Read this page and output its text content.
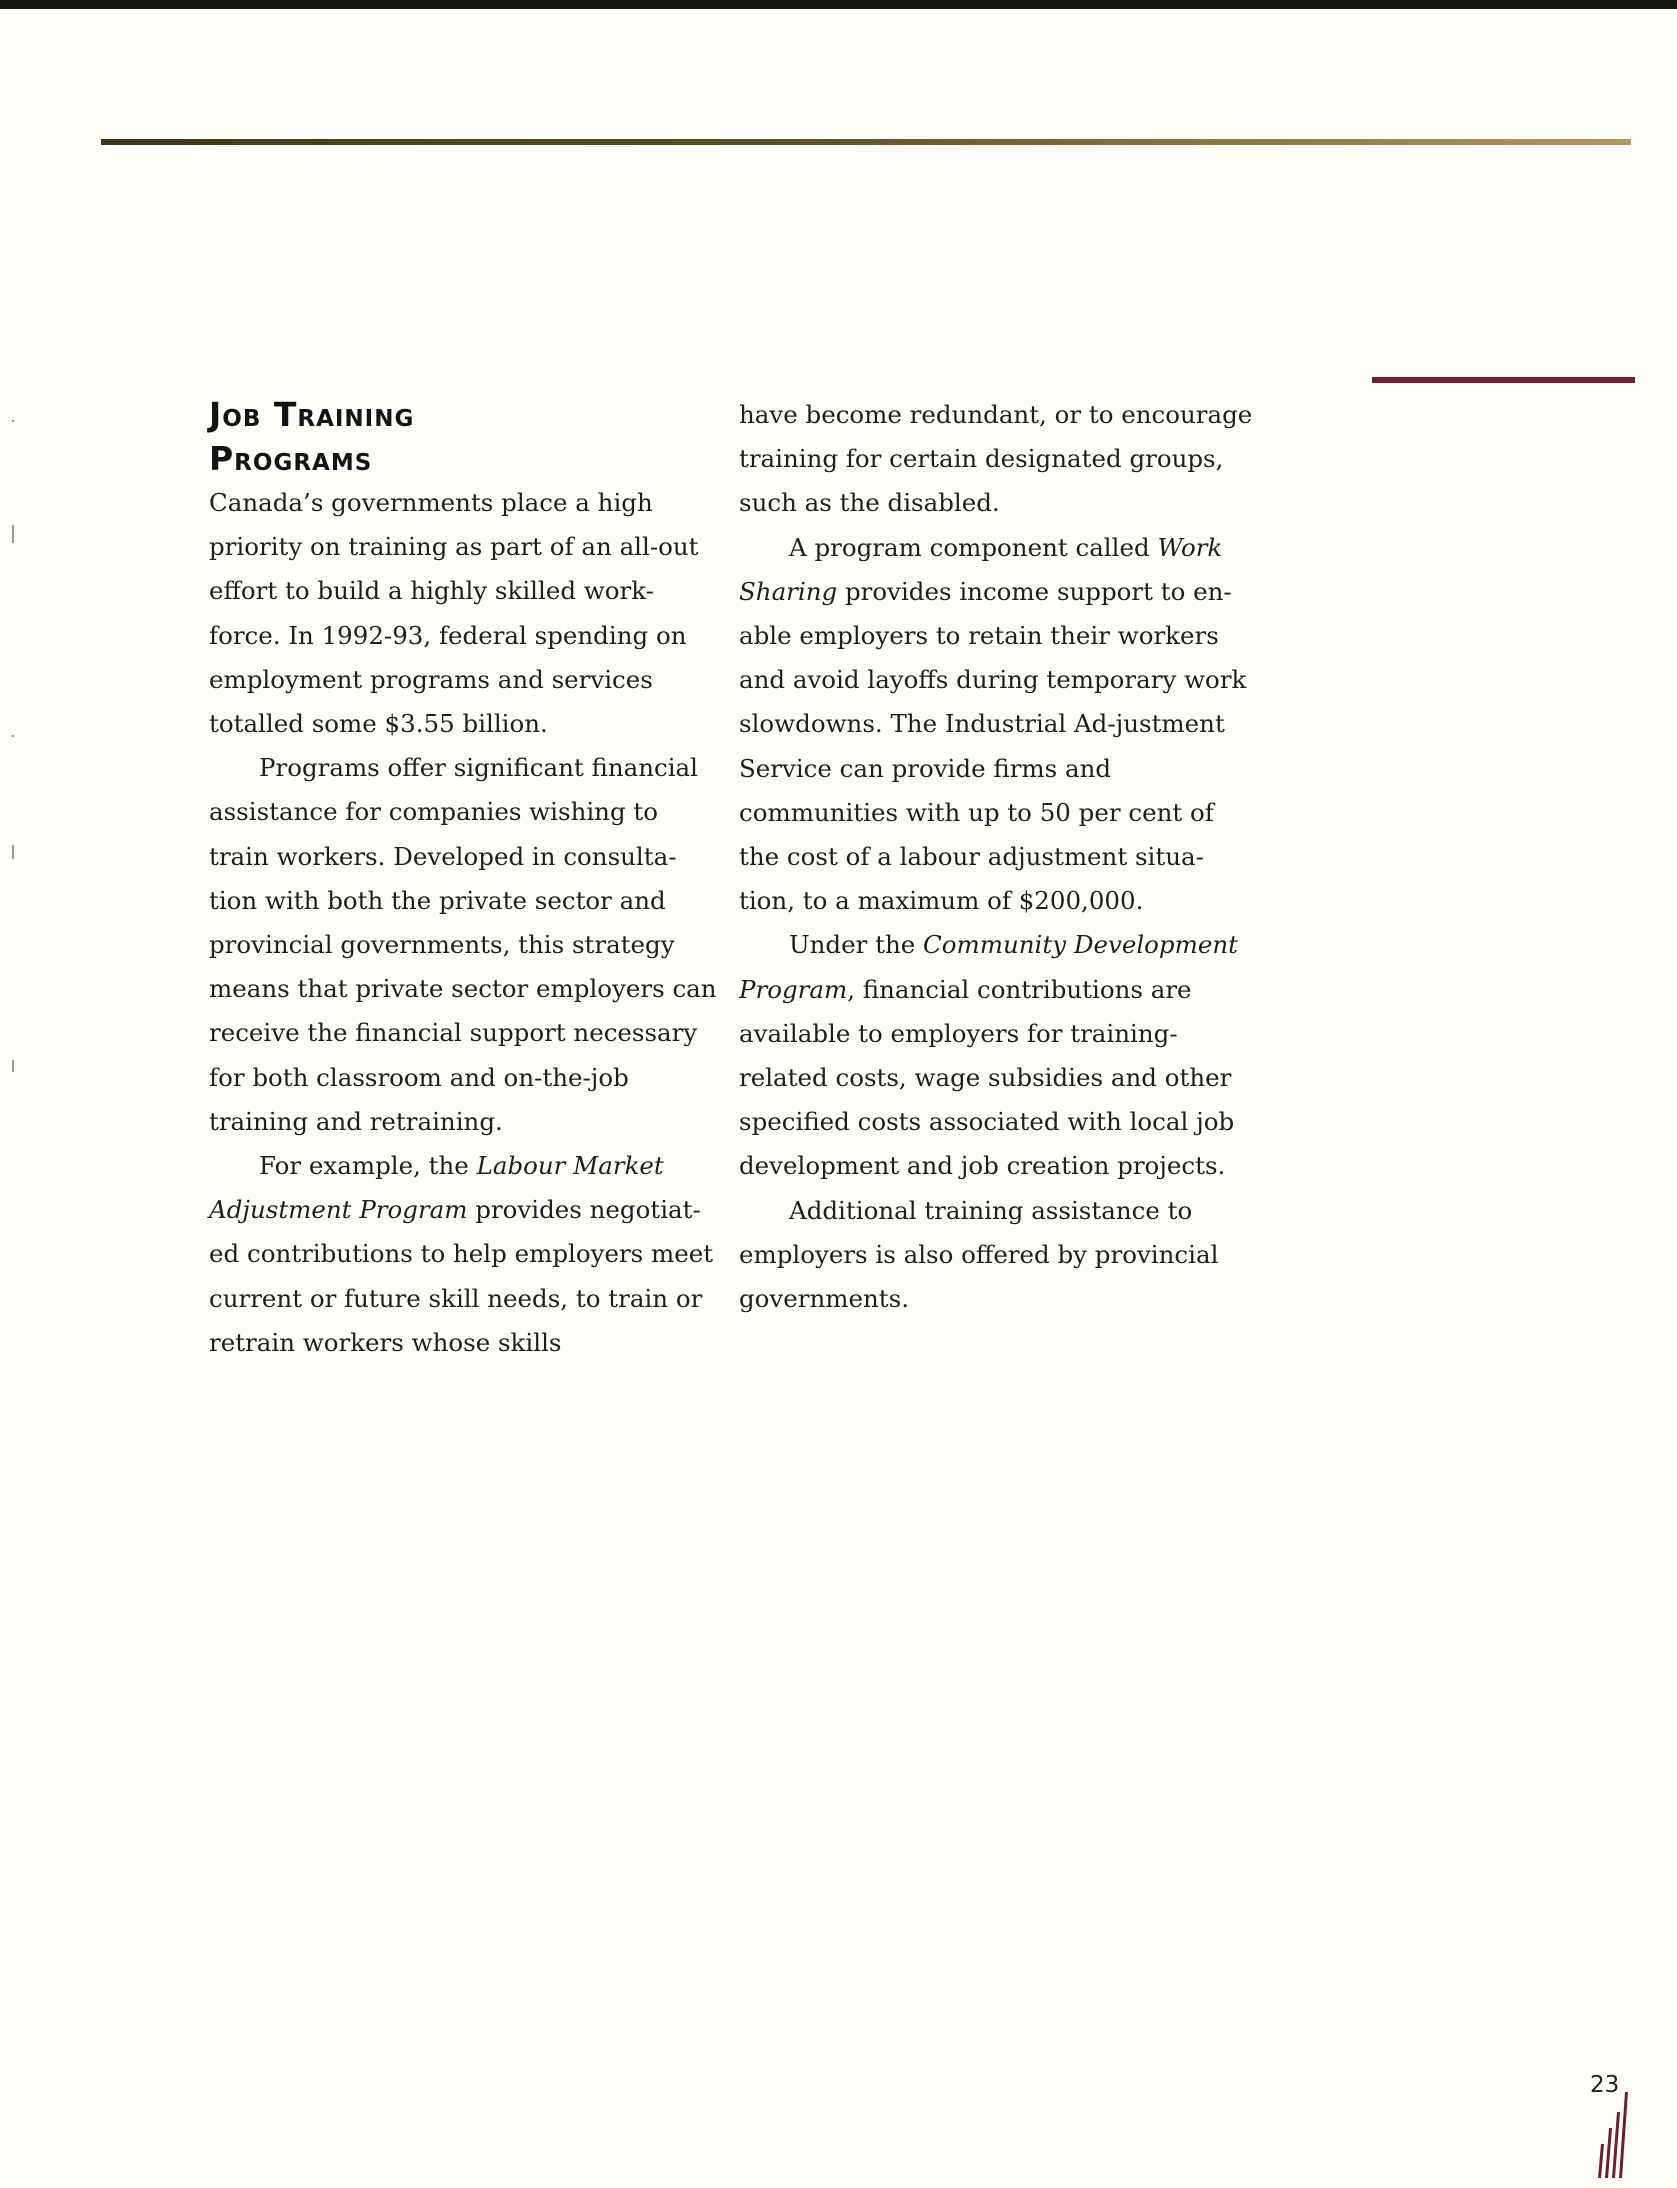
Job Training
Programs

Canada’s governments place a high priority on training as part of an all-out effort to build a highly skilled work-force. In 1992-93, federal spending on employment programs and services totalled some $3.55 billion.

Programs offer significant financial assistance for companies wishing to train workers. Developed in consulta-tion with both the private sector and provincial governments, this strategy means that private sector employers can receive the financial support necessary for both classroom and on-the-job training and retraining.

For example, the Labour Market Adjustment Program provides negotiat-ed contributions to help employers meet current or future skill needs, to train or retrain workers whose skills

have become redundant, or to encourage training for certain designated groups, such as the disabled.

A program component called Work Sharing provides income support to en-able employers to retain their workers and avoid layoffs during temporary work slowdowns. The Industrial Ad-justment Service can provide firms and communities with up to 50 per cent of the cost of a labour adjustment situa-tion, to a maximum of $200,000.

Under the Community Development Program, financial contributions are available to employers for training-related costs, wage subsidies and other specified costs associated with local job development and job creation projects.

Additional training assistance to employers is also offered by provincial governments.

23
